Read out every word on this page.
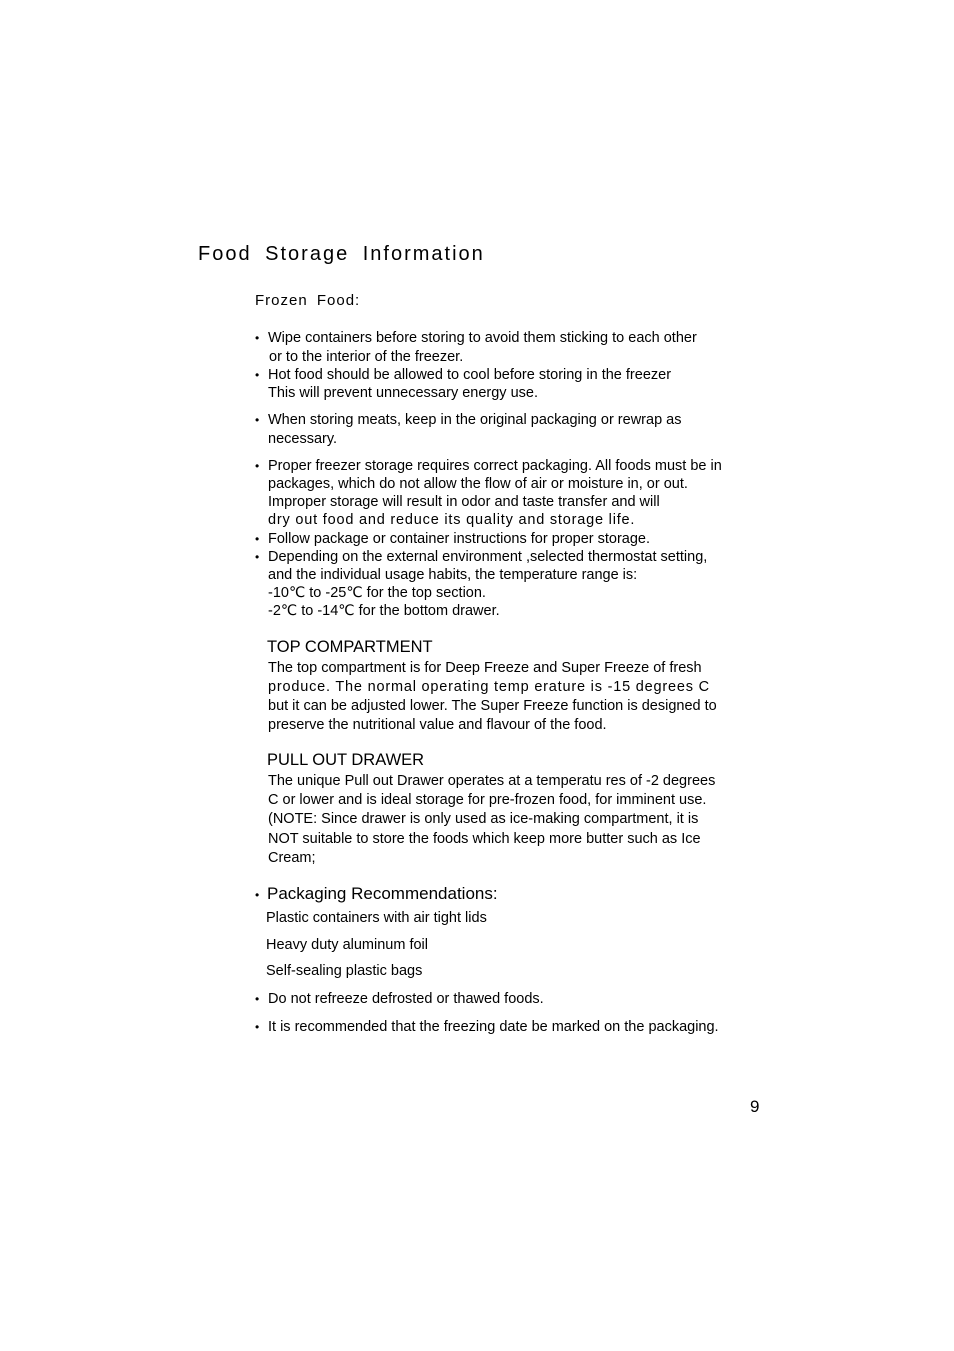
Food Storage Information
Frozen Food:
• Wipe containers before storing to avoid them sticking to each other
or to the interior of the freezer.
• Hot food should be allowed to cool before storing in the freezer
This will prevent unnecessary energy use.
• When storing meats, keep in the original packaging or rewrap as
necessary.
• Proper freezer storage requires correct packaging. All foods must be in
packages, which do not allow the flow of air or moisture in, or out.
Improper storage will result in odor and taste transfer and will
dry out food and reduce its quality and storage life.
• Follow package or container instructions for proper storage.
• Depending on the external environment ,selected thermostat setting,
and the individual usage habits, the temperature range is:
-10℃ to -25℃ for the top section.
-2℃ to -14℃ for the bottom drawer.
TOP COMPARTMENT
The top compartment is for Deep Freeze and Super Freeze of fresh
produce. The normal operating temp erature is -15 degrees C
but it can be adjusted lower. The Super Freeze function is designed to
preserve the nutritional value and flavour of the food.
PULL OUT DRAWER
The unique Pull out Drawer operates at a temperatu res of -2 degrees
C or lower and is ideal storage for pre-frozen food, for imminent use.
(NOTE: Since drawer is only used as ice-making compartment, it is
NOT suitable to store the foods which keep more butter such as Ice
Cream;
• Packaging Recommendations:
Plastic containers with air tight lids
Heavy duty aluminum foil
Self-sealing plastic bags
• Do not refreeze defrosted or thawed foods.
• It is recommended that the freezing date be marked on the packaging.
9
